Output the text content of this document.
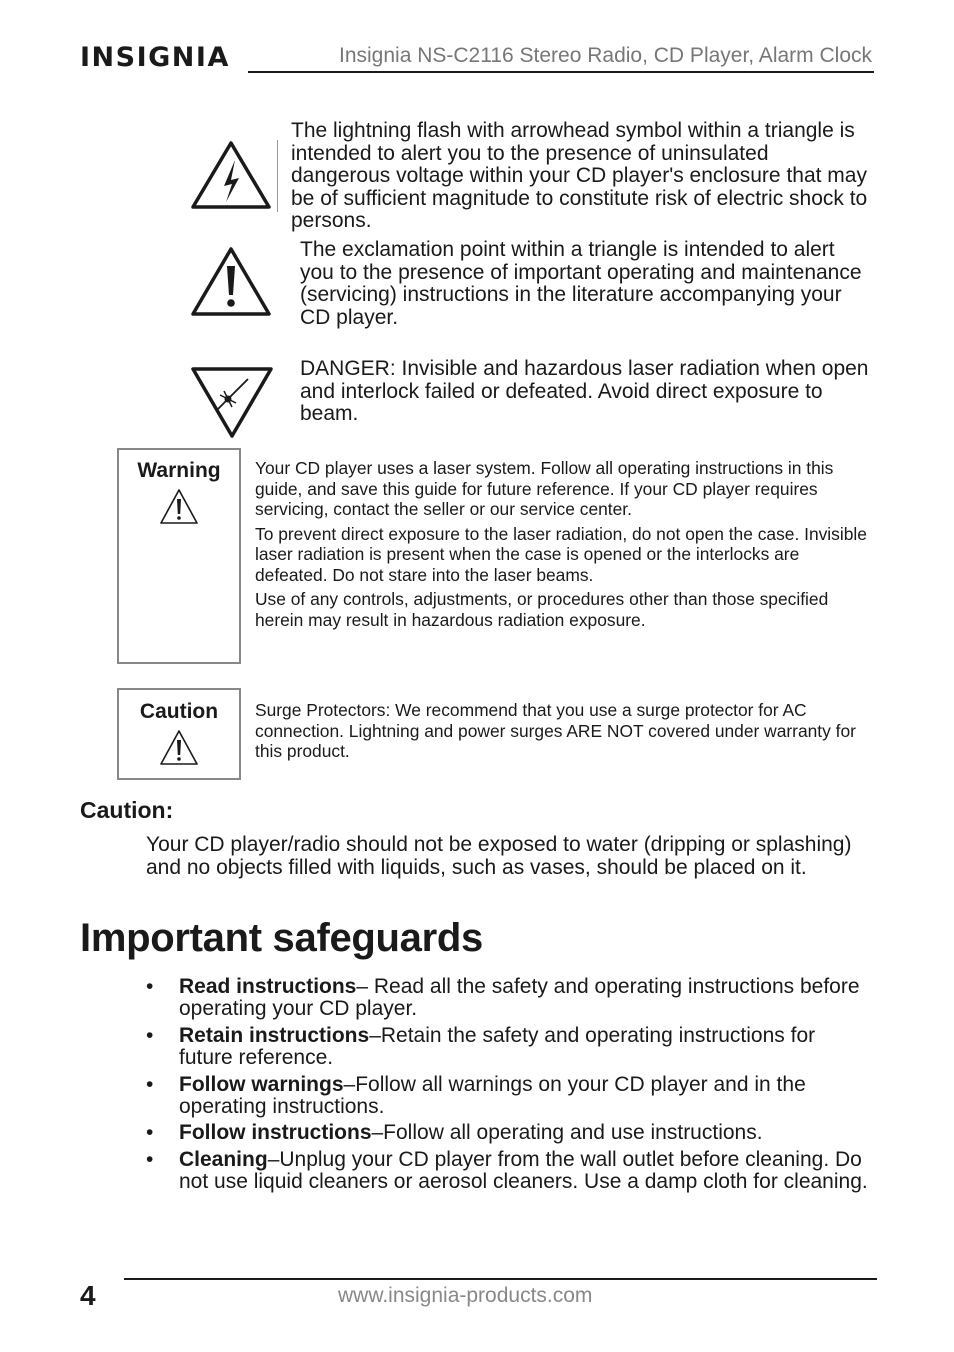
INSIGNIA	Insignia NS-C2116 Stereo Radio, CD Player, Alarm Clock
The lightning flash with arrowhead symbol within a triangle is intended to alert you to the presence of uninsulated dangerous voltage within your CD player's enclosure that may be of sufficient magnitude to constitute risk of electric shock to persons.
The exclamation point within a triangle is intended to alert you to the presence of important operating and maintenance (servicing) instructions in the literature accompanying your CD player.
DANGER: Invisible and hazardous laser radiation when open and interlock failed or defeated. Avoid direct exposure to beam.
Warning	Your CD player uses a laser system. Follow all operating instructions in this guide, and save this guide for future reference. If your CD player requires servicing, contact the seller or our service center.

To prevent direct exposure to the laser radiation, do not open the case. Invisible laser radiation is present when the case is opened or the interlocks are defeated. Do not stare into the laser beams.

Use of any controls, adjustments, or procedures other than those specified herein may result in hazardous radiation exposure.

Caution	Surge Protectors: We recommend that you use a surge protector for AC connection. Lightning and power surges ARE NOT covered under warranty for this product.
Caution:
Your CD player/radio should not be exposed to water (dripping or splashing) and no objects filled with liquids, such as vases, should be placed on it.
Important safeguards
• Read instructions– Read all the safety and operating instructions before operating your CD player.
• Retain instructions–Retain the safety and operating instructions for future reference.
• Follow warnings–Follow all warnings on your CD player and in the operating instructions.
• Follow instructions–Follow all operating and use instructions.
• Cleaning–Unplug your CD player from the wall outlet before cleaning. Do not use liquid cleaners or aerosol cleaners. Use a damp cloth for cleaning.
4	www.insignia-products.com
